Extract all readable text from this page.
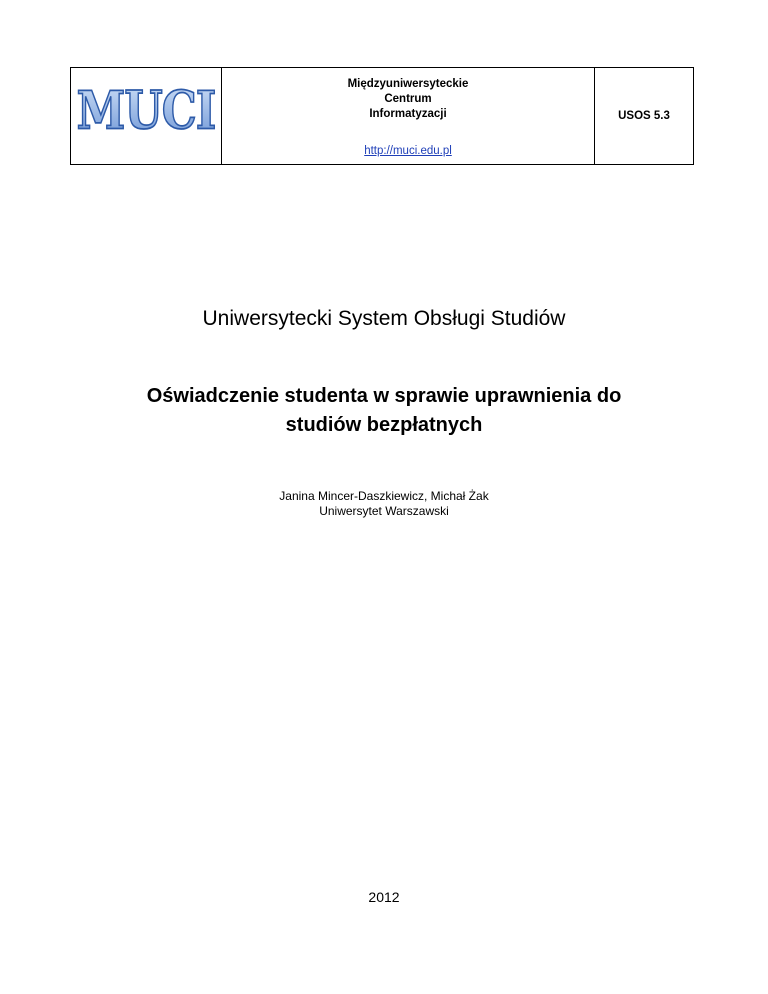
MUCI	Międzyuniwersyteckie
Centrum
Informatyzacji
http://muci.edu.pl
USOS 5.3
Uniwersytecki System Obsługi Studiów
Oświadczenie studenta w sprawie uprawnienia do
studiów bezpłatnych
Janina Mincer-Daszkiewicz, Michał Żak
Uniwersytet Warszawski
2012
